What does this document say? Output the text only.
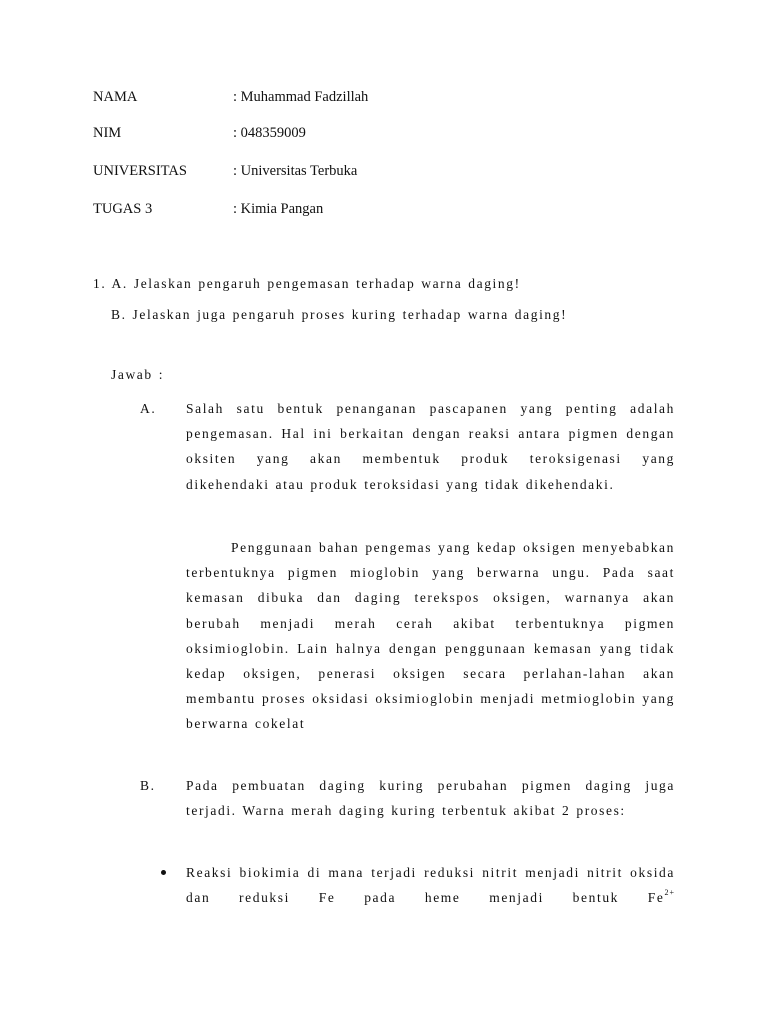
NAMA	: Muhammad Fadzillah
NIM	: 048359009
UNIVERSITAS	: Universitas Terbuka
TUGAS 3	: Kimia Pangan
1. A. Jelaskan pengaruh pengemasan terhadap warna daging!
B. Jelaskan juga pengaruh proses kuring terhadap warna daging!
Jawab :
A. Salah satu bentuk penanganan pascapanen yang penting adalah pengemasan. Hal ini berkaitan dengan reaksi antara pigmen dengan oksiten yang akan membentuk produk teroksigenasi yang dikehendaki atau produk teroksidasi yang tidak dikehendaki.
Penggunaan bahan pengemas yang kedap oksigen menyebabkan terbentuknya pigmen mioglobin yang berwarna ungu. Pada saat kemasan dibuka dan daging terekspos oksigen, warnanya akan berubah menjadi merah cerah akibat terbentuknya pigmen oksimioglobin. Lain halnya dengan penggunaan kemasan yang tidak kedap oksigen, penerasi oksigen secara perlahan-lahan akan membantu proses oksidasi oksimioglobin menjadi metmioglobin yang berwarna cokelat
B. Pada pembuatan daging kuring perubahan pigmen daging juga terjadi. Warna merah daging kuring terbentuk akibat 2 proses:
Reaksi biokimia di mana terjadi reduksi nitrit menjadi nitrit oksida dan reduksi Fe pada heme menjadi bentuk $Fe^{2+}$
